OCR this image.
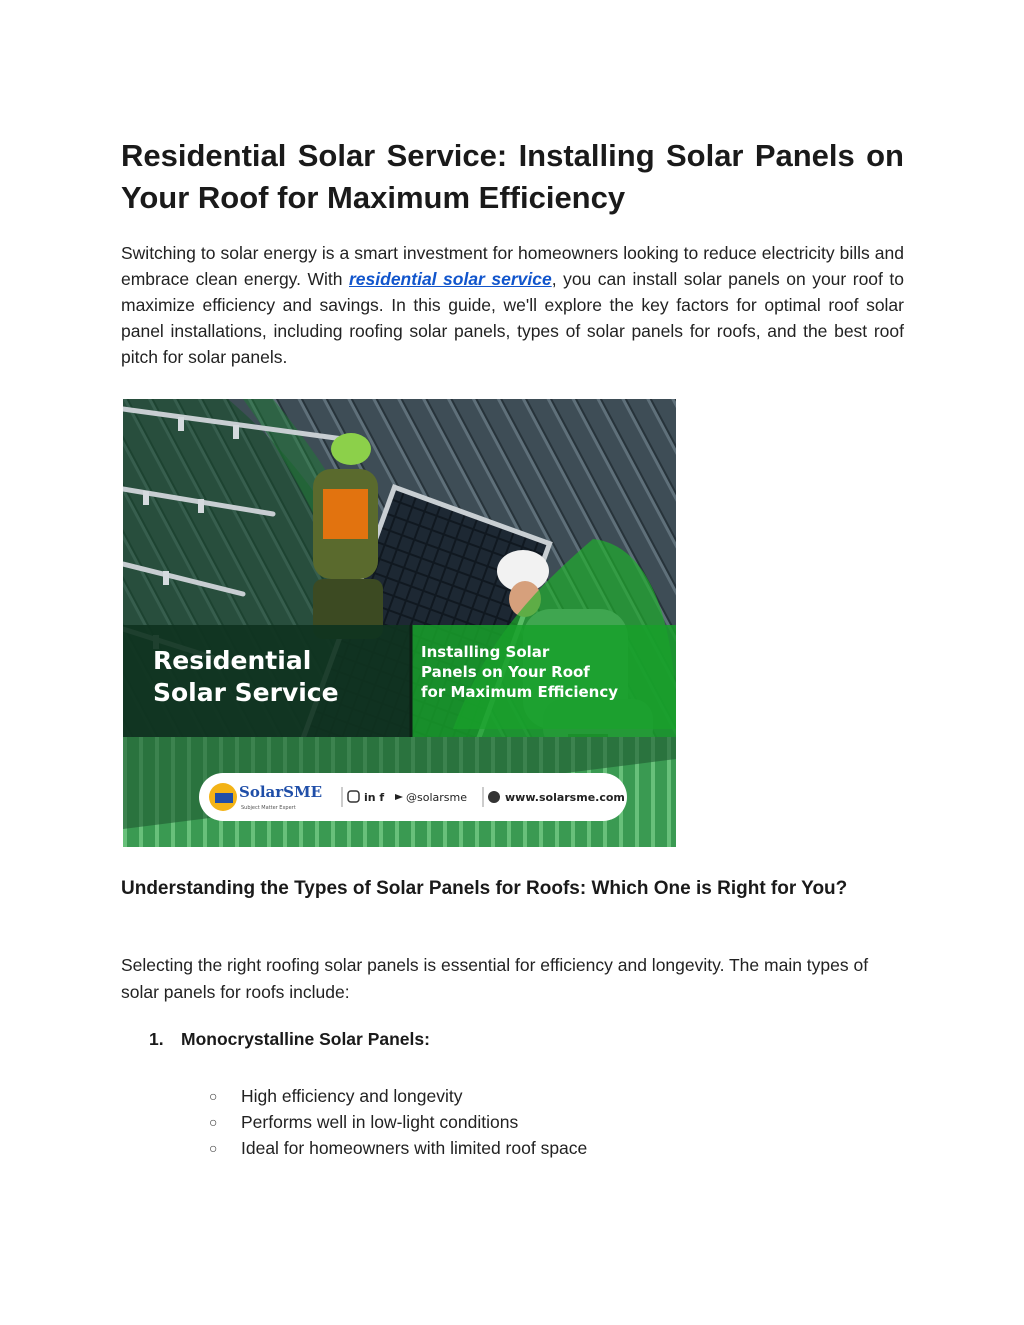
Residential Solar Service: Installing Solar Panels on Your Roof for Maximum Efficiency

Switching to solar energy is a smart investment for homeowners looking to reduce electricity bills and embrace clean energy. With residential solar service, you can install solar panels on your roof to maximize efficiency and savings. In this guide, we'll explore the key factors for optimal roof solar panel installations, including roofing solar panels, types of solar panels for roofs, and the best roof pitch for solar panels.

Residential
Solar Service
Installing Solar
Panels on Your Roof
for Maximum Efficiency
SolarSME
Subject Matter Expert
in f @solarsme	www.solarsme.com
Understanding the Types of Solar Panels for Roofs: Which One is Right for You?

Selecting the right roofing solar panels is essential for efficiency and longevity. The main types of solar panels for roofs include:

1. Monocrystalline Solar Panels:
○ High efficiency and longevity
○ Performs well in low-light conditions
○ Ideal for homeowners with limited roof space
